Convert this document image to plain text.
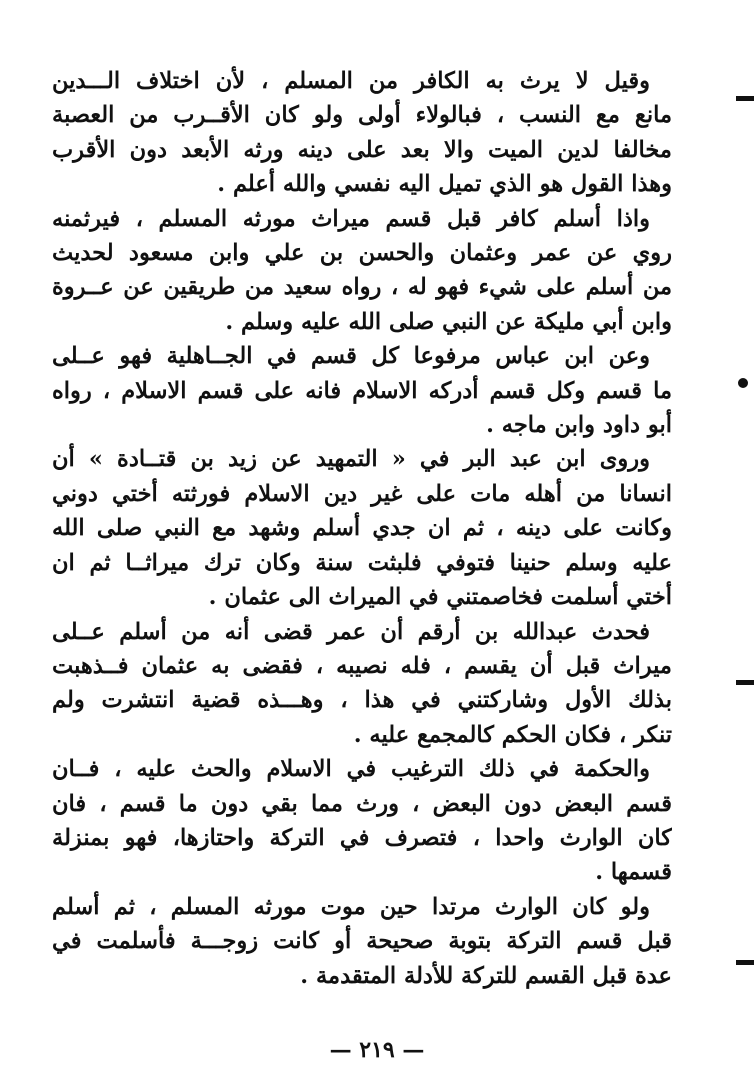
وقيل لا يرث به الكافر من المسلم ، لأن اختلاف الـــدين
مانع مع النسب ، فبالولاء أولى ولو كان الأقــرب من العصبة
مخالفا لدين الميت والا بعد على دينه ورثه الأبعد دون الأقرب
وهذا القول هو الذي تميل اليه نفسي والله أعلم .
واذا أسلم كافر قبل قسم ميراث مورثه المسلم ، فيرثمنه
روي عن عمر وعثمان والحسن بن علي وابن مسعود لحديث
من أسلم على شيء فهو له ، رواه سعيد من طريقين عن عــروة
وابن أبي مليكة عن النبي صلى الله عليه وسلم .
وعن ابن عباس مرفوعا كل قسم في الجــاهلية فهو عــلى
ما قسم وكل قسم أدركه الاسلام فانه على قسم الاسلام ، رواه
أبو داود وابن ماجه .
وروى ابن عبد البر في « التمهيد عن زيد بن قتــادة » أن
انسانا من أهله مات على غير دين الاسلام فورثته أختي دوني
وكانت على دينه ، ثم ان جدي أسلم وشهد مع النبي صلى الله
عليه وسلم حنينا فتوفي فلبثت سنة وكان ترك ميراثــا ثم ان
أختي أسلمت فخاصمتني في الميراث الى عثمان .
فحدث عبدالله بن أرقم أن عمر قضى أنه من أسلم عــلى
ميراث قبل أن يقسم ، فله نصيبه ، فقضى به عثمان فــذهبت
بذلك الأول وشاركتني في هذا ، وهـــذه قضية انتشرت ولم
تنكر ، فكان الحكم كالمجمع عليه .
والحكمة في ذلك الترغيب في الاسلام والحث عليه ، فــان
قسم البعض دون البعض ، ورث مما بقي دون ما قسم ، فان
كان الوارث واحدا ، فتصرف في التركة واحتازها، فهو بمنزلة
قسمها .
ولو كان الوارث مرتدا حين موت مورثه المسلم ، ثم أسلم
قبل قسم التركة بتوبة صحيحة أو كانت زوجـــة فأسلمت في
عدة قبل القسم للتركة للأدلة المتقدمة .
— ٢١٩ —
